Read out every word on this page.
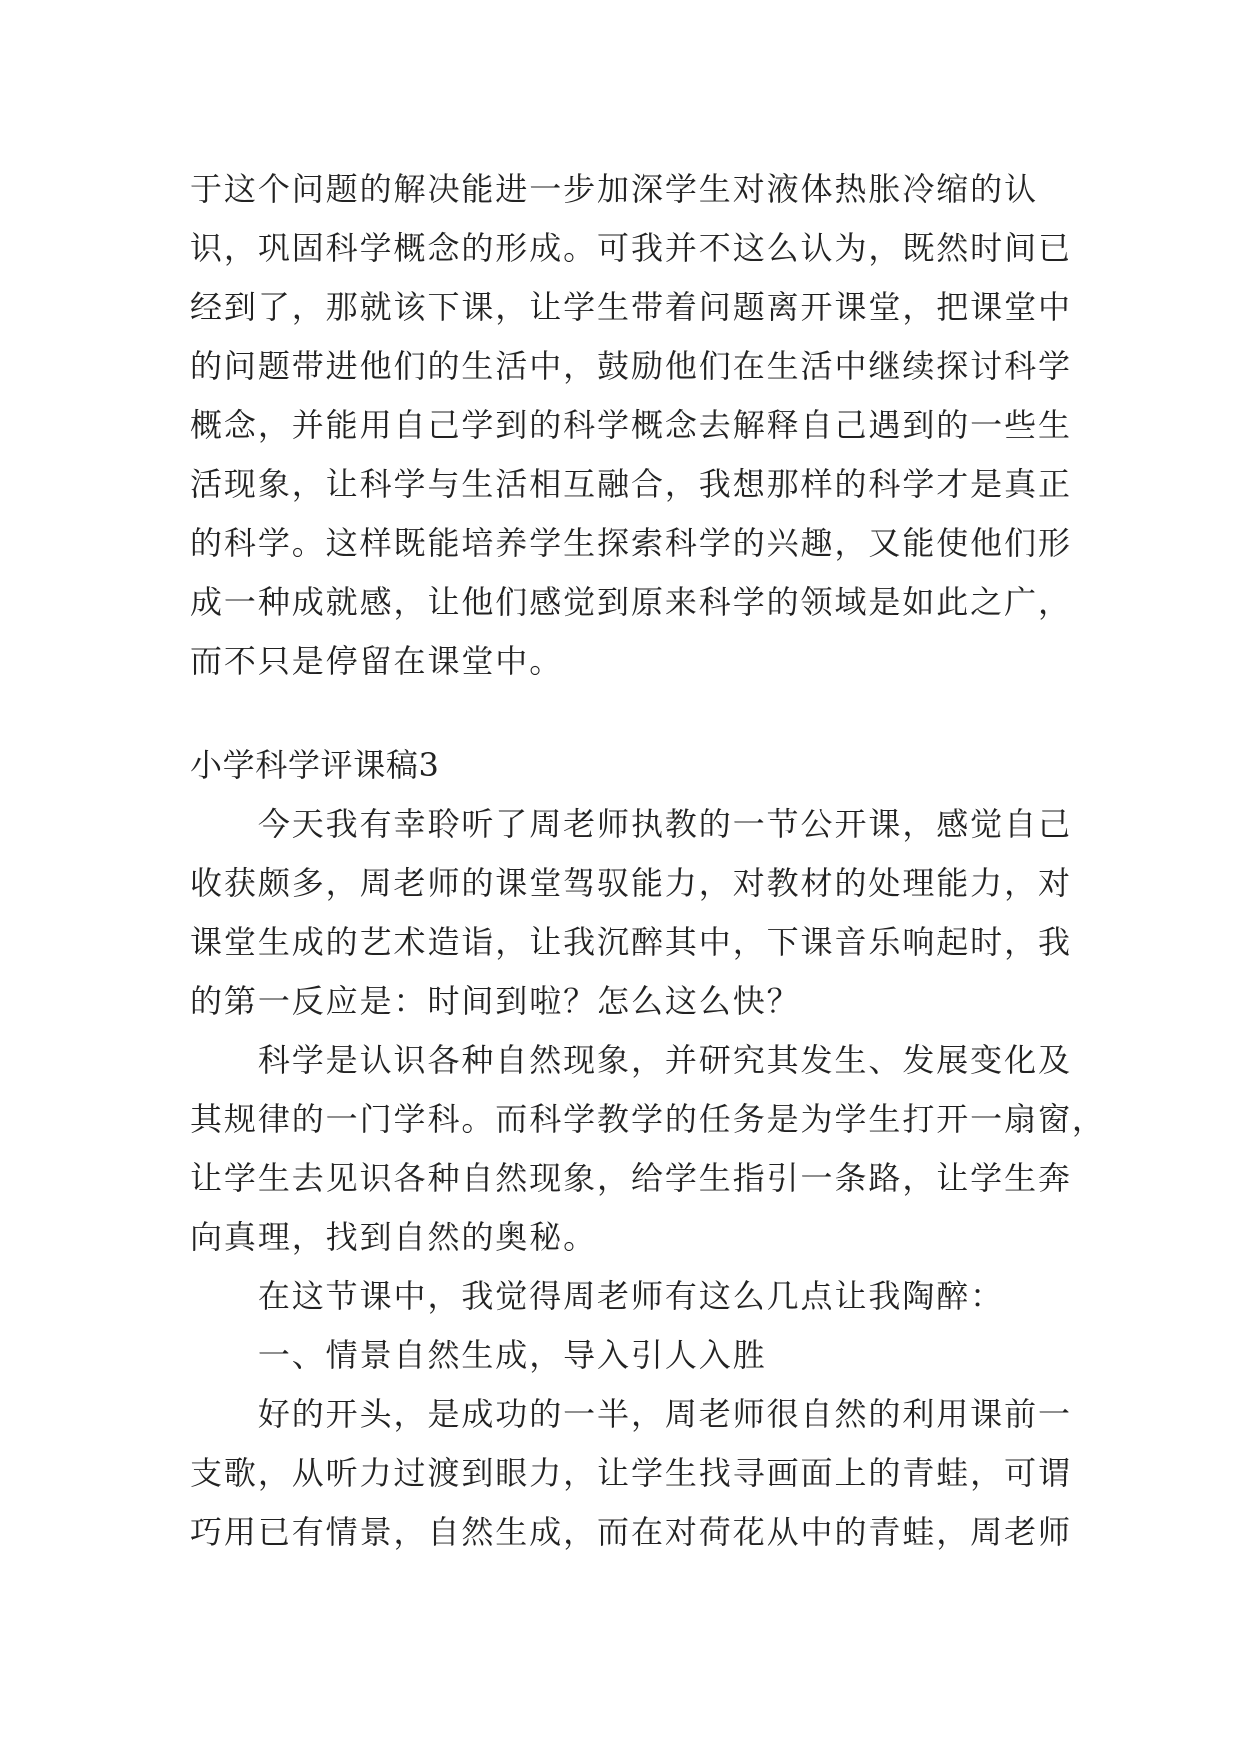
于这个问题的解决能进一步加深学生对液体热胀冷缩的认
识，巩固科学概念的形成。可我并不这么认为，既然时间已
经到了，那就该下课，让学生带着问题离开课堂，把课堂中
的问题带进他们的生活中，鼓励他们在生活中继续探讨科学
概念，并能用自己学到的科学概念去解释自己遇到的一些生
活现象，让科学与生活相互融合，我想那样的科学才是真正
的科学。这样既能培养学生探索科学的兴趣，又能使他们形
成一种成就感，让他们感觉到原来科学的领域是如此之广，
而不只是停留在课堂中。
小学科学评课稿3
　　今天我有幸聆听了周老师执教的一节公开课，感觉自己
收获颇多，周老师的课堂驾驭能力，对教材的处理能力，对
课堂生成的艺术造诣，让我沉醉其中，下课音乐响起时，我
的第一反应是：时间到啦？怎么这么快？
　　科学是认识各种自然现象，并研究其发生、发展变化及
其规律的一门学科。而科学教学的任务是为学生打开一扇窗，
让学生去见识各种自然现象，给学生指引一条路，让学生奔
向真理，找到自然的奥秘。
　　在这节课中，我觉得周老师有这么几点让我陶醉：
　　一、情景自然生成，导入引人入胜
　　好的开头，是成功的一半，周老师很自然的利用课前一
支歌，从听力过渡到眼力，让学生找寻画面上的青蛙，可谓
巧用已有情景，自然生成，而在对荷花从中的青蛙，周老师
